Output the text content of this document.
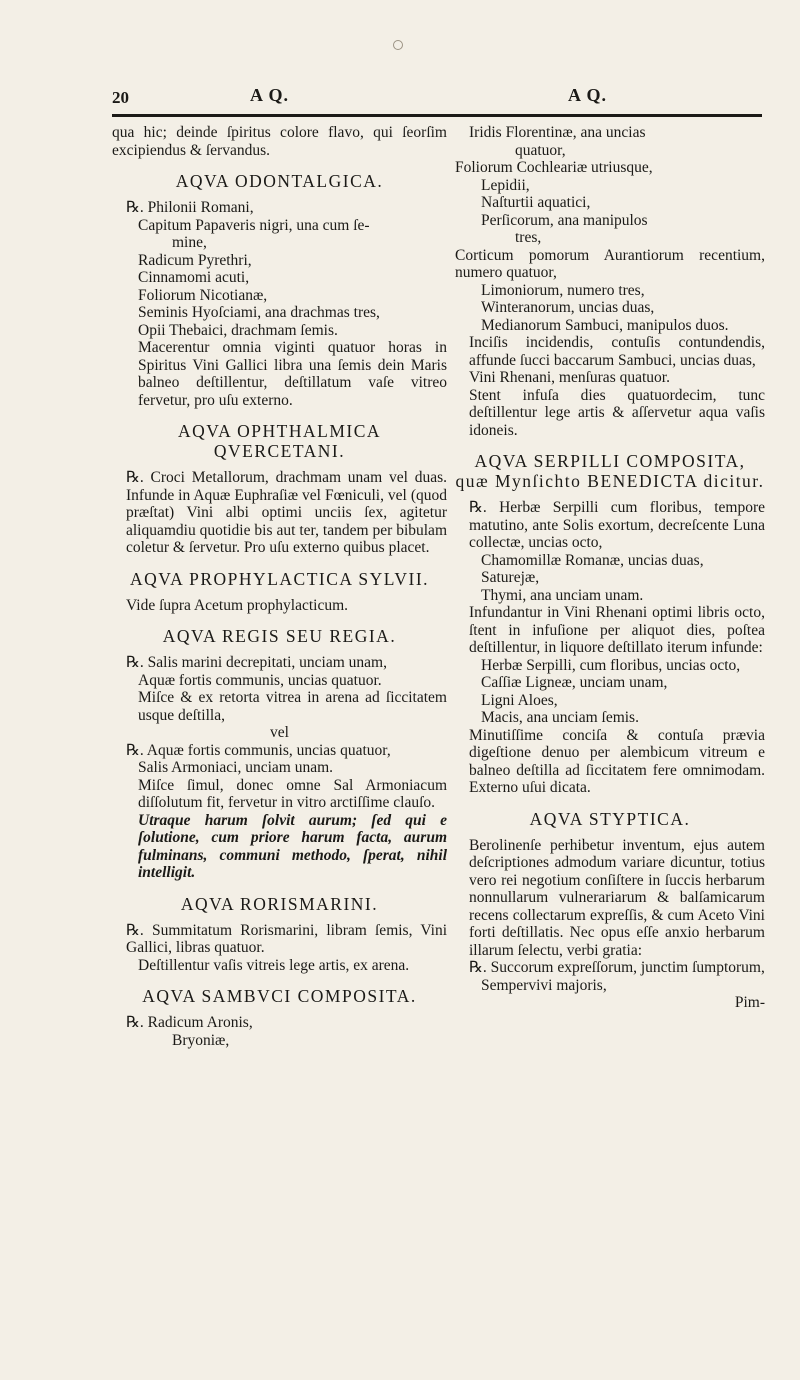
20	A Q.	A Q.

qua hic; deinde ſpiritus colore flavo, qui ſeorſim excipiendus & ſervandus.

AQVA ODONTALGICA.

℞. Philonii Romani,

Capitum Papaveris nigri, una cum ſe-

mine,

Radicum Pyrethri,

Cinnamomi acuti,

Foliorum Nicotianæ,

Seminis Hyoſciami, ana drachmas tres,

Opii Thebaici, drachmam ſemis.

Macerentur omnia viginti quatuor horas in Spiritus Vini Gallici libra una ſemis dein Maris balneo deſtillentur, deſtillatum vaſe vitreo fervetur, pro uſu externo.

AQVA OPHTHALMICA QVERCETANI.

℞. Croci Metallorum, drachmam unam vel duas. Infunde in Aquæ Euphraſiæ vel Fœniculi, vel (quod præſtat) Vini albi optimi unciis ſex, agitetur aliquamdiu quotidie bis aut ter, tandem per bibulam coletur & ſervetur. Pro uſu externo quibus placet.

AQVA PROPHYLACTICA SYLVII.

Vide ſupra Acetum prophylacticum.

AQVA REGIS SEU REGIA.

℞. Salis marini decrepitati, unciam unam,

Aquæ fortis communis, uncias quatuor.

Miſce & ex retorta vitrea in arena ad ſiccitatem usque deſtilla,

vel

℞. Aquæ fortis communis, uncias quatuor,

Salis Armoniaci, unciam unam.

Miſce ſimul, donec omne Sal Armoniacum diſſolutum fit, fervetur in vitro arctiſſime clauſo.

Utraque harum ſolvit aurum; ſed qui e ſolutione, cum priore harum facta, aurum fulminans, communi methodo, ſperat, nihil intelligit.

AQVA RORISMARINI.

℞. Summitatum Rorismarini, libram ſemis, Vini Gallici, libras quatuor.

Deſtillentur vaſis vitreis lege artis, ex arena.

AQVA SAMBVCI COMPOSITA.

℞. Radicum Aronis,

Bryoniæ,

Iridis Florentinæ, ana uncias

quatuor,

Foliorum Cochleariæ utriusque,

Lepidii,

Naſturtii aquatici,

Perſicorum, ana manipulos

tres,

Corticum pomorum Aurantiorum recentium, numero quatuor,

Limoniorum, numero tres,

Winteranorum, uncias duas,

Medianorum Sambuci, manipulos duos.

Inciſis incidendis, contuſis contundendis, affunde ſucci baccarum Sambuci, uncias duas,

Vini Rhenani, menſuras quatuor.

Stent infuſa dies quatuordecim, tunc deſtillentur lege artis & aſſervetur aqua vaſis idoneis.

AQVA SERPILLI COMPOSITA, quæ Mynſichto BENEDICTA dicitur.

℞. Herbæ Serpilli cum floribus, tempore matutino, ante Solis exortum, decreſcente Luna collectæ, uncias octo,

Chamomillæ Romanæ, uncias duas,

Saturejæ,

Thymi, ana unciam unam.

Infundantur in Vini Rhenani optimi libris octo, ſtent in infuſione per aliquot dies, poſtea deſtillentur, in liquore deſtillato iterum infunde:

Herbæ Serpilli, cum floribus, uncias octo,

Caſſiæ Ligneæ, unciam unam,

Ligni Aloes,

Macis, ana unciam ſemis.

Minutiſſime conciſa & contuſa prævia digeſtione denuo per alembicum vitreum e balneo deſtilla ad ſiccitatem fere omnimodam. Externo uſui dicata.

AQVA STYPTICA.

Berolinenſe perhibetur inventum, ejus autem deſcriptiones admodum variare dicuntur, totius vero rei negotium conſiſtere in ſuccis herbarum nonnullarum vulnerariarum & balſamicarum recens collectarum expreſſis, & cum Aceto Vini forti deſtillatis. Nec opus eſſe anxio herbarum illarum ſelectu, verbi gratia:

℞. Succorum expreſſorum, junctim ſumptorum,

Sempervivi majoris,

Pim-
